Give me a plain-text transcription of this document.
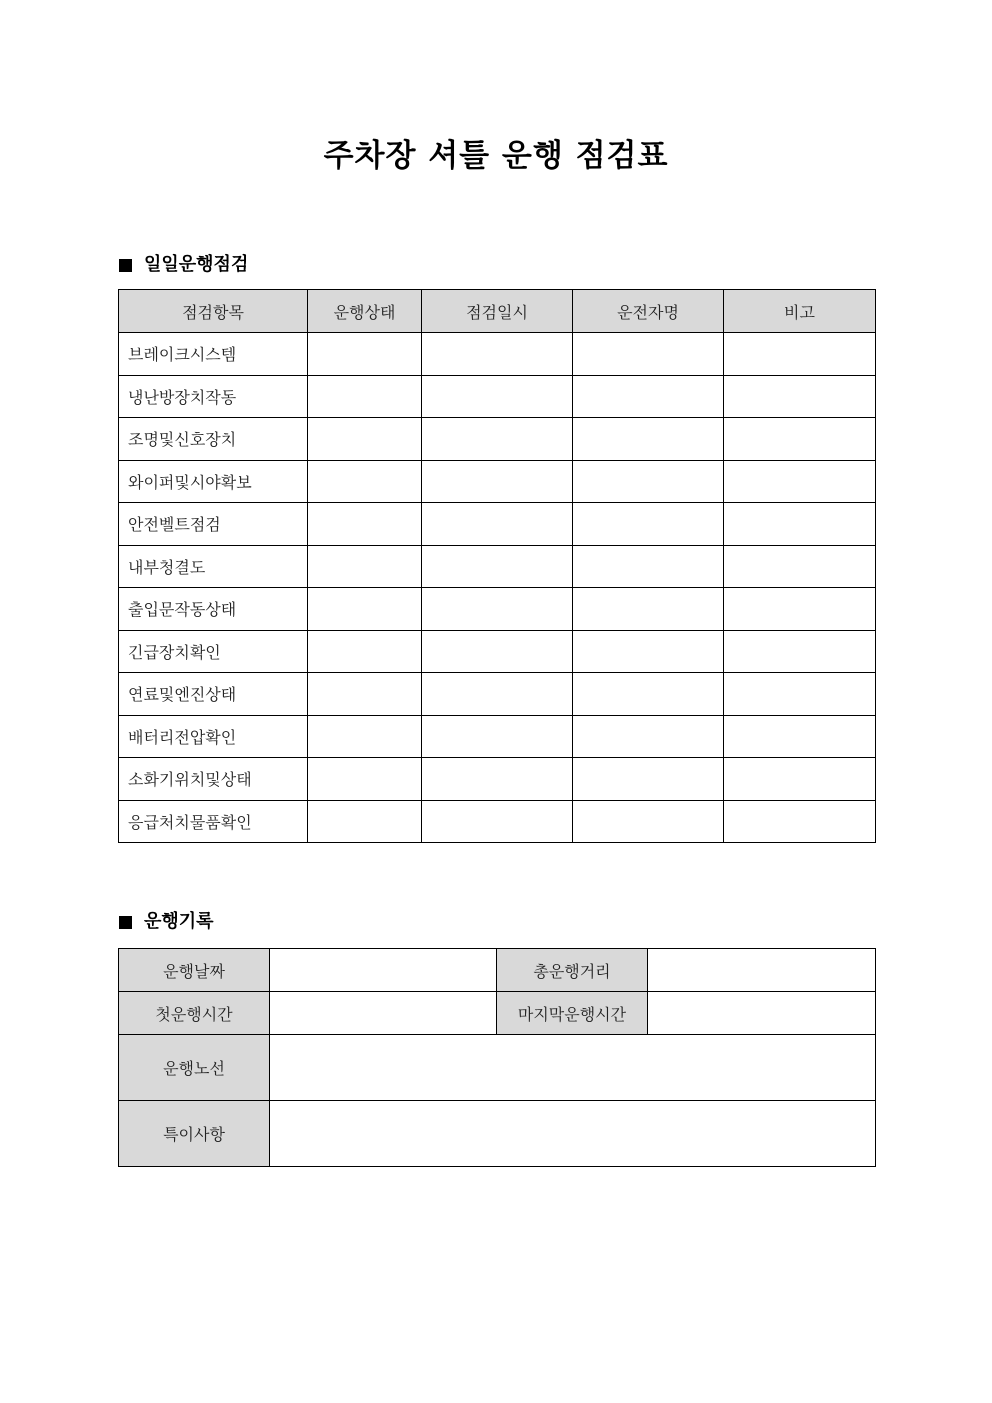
주차장 셔틀 운행 점검표
일일운행점검
점검항목	운행상태	점검일시	운전자명	비고
브레이크시스템				
냉난방장치작동				
조명및신호장치				
와이퍼및시야확보				
안전벨트점검				
내부청결도				
출입문작동상태				
긴급장치확인				
연료및엔진상태				
배터리전압확인				
소화기위치및상태				
응급처치물품확인				
운행기록
운행날짜		총운행거리	
첫운행시간		마지막운행시간	
운행노선			
특이사항			
